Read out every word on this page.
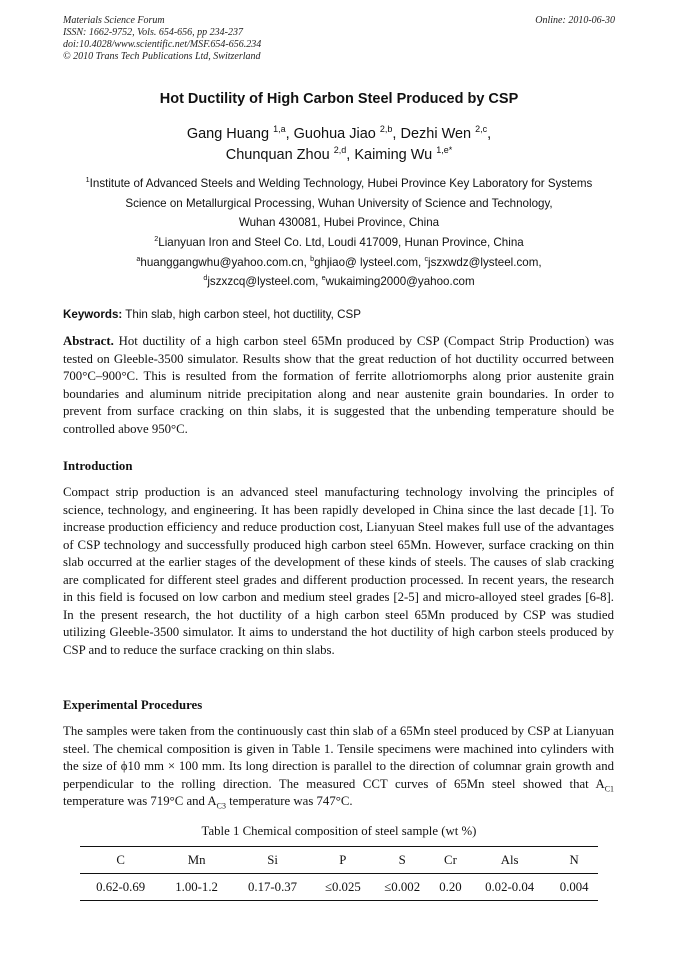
Materials Science Forum
ISSN: 1662-9752, Vols. 654-656, pp 234-237
doi:10.4028/www.scientific.net/MSF.654-656.234
© 2010 Trans Tech Publications Ltd, Switzerland
Online: 2010-06-30
Hot Ductility of High Carbon Steel Produced by CSP
Gang Huang $^{1,a}$, Guohua Jiao $^{2,b}$, Dezhi Wen $^{2,c}$,
Chunquan Zhou $^{2,d}$, Kaiming Wu $^{1,e*}$
$^1$Institute of Advanced Steels and Welding Technology, Hubei Province Key Laboratory for Systems
Science on Metallurgical Processing, Wuhan University of Science and Technology,
Wuhan 430081, Hubei Province, China
$^2$Lianyuan Iron and Steel Co. Ltd, Loudi 417009, Hunan Province, China
$^a$huanggangwhu@yahoo.com.cn, $^b$ghjiao@ lysteel.com, $^c$jszxwdz@lysteel.com,
$^d$jszxzcq@lysteel.com, $^e$wukaiming2000@yahoo.com
Keywords: Thin slab, high carbon steel, hot ductility, CSP
Abstract. Hot ductility of a high carbon steel 65Mn produced by CSP (Compact Strip Production) was tested on Gleeble-3500 simulator. Results show that the great reduction of hot ductility occurred between 700°C–900°C. This is resulted from the formation of ferrite allotriomorphs along prior austenite grain boundaries and aluminum nitride precipitation along and near austenite grain boundaries. In order to prevent from surface cracking on thin slabs, it is suggested that the unbending temperature should be controlled above 950°C.
Introduction
Compact strip production is an advanced steel manufacturing technology involving the principles of science, technology, and engineering. It has been rapidly developed in China since the last decade [1]. To increase production efficiency and reduce production cost, Lianyuan Steel makes full use of the advantages of CSP technology and successfully produced high carbon steel 65Mn. However, surface cracking on thin slab occurred at the earlier stages of the development of these kinds of steels. The causes of slab cracking are complicated for different steel grades and different production processed. In recent years, the research in this field is focused on low carbon and medium steel grades [2-5] and micro-alloyed steel grades [6-8]. In the present research, the hot ductility of a high carbon steel 65Mn produced by CSP was studied utilizing Gleeble-3500 simulator. It aims to understand the hot ductility of high carbon steels produced by CSP and to reduce the surface cracking on thin slabs.
Experimental Procedures
The samples were taken from the continuously cast thin slab of a 65Mn steel produced by CSP at Lianyuan steel. The chemical composition is given in Table 1. Tensile specimens were machined into cylinders with the size of ϕ10 mm × 100 mm. Its long direction is parallel to the direction of columnar grain growth and perpendicular to the rolling direction. The measured CCT curves of 65Mn steel showed that $A_{C1}$ temperature was 719°C and $A_{C3}$ temperature was 747°C.
Table 1 Chemical composition of steel sample (wt %)
C	Mn	Si	P	S	Cr	Als	N
0.62-0.69	1.00-1.2	0.17-0.37	≤0.025	≤0.002	0.20	0.02-0.04	0.004
